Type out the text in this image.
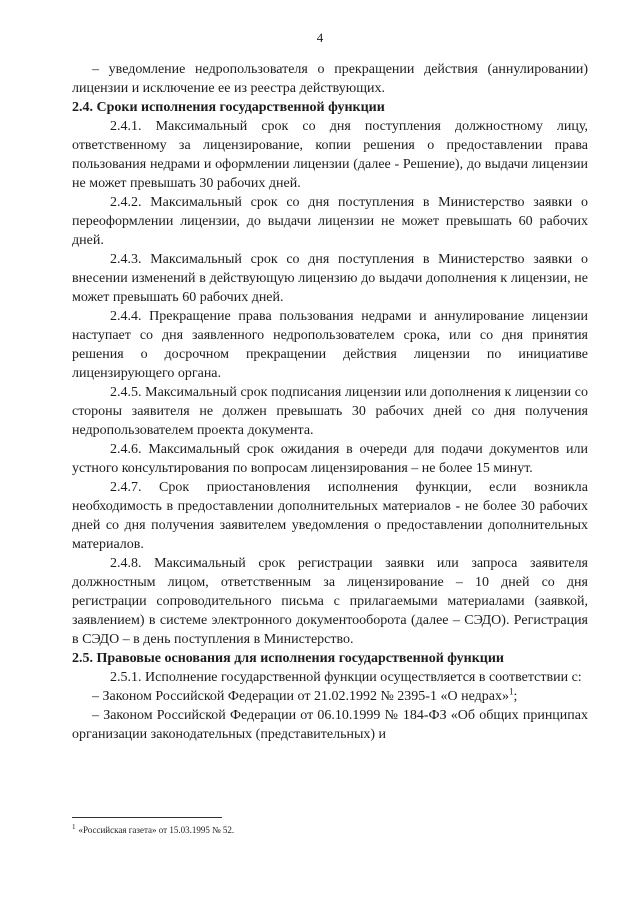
4

– уведомление недропользователя о прекращении действия (аннулировании) лицензии и исключение ее из реестра действующих.

2.4. Сроки исполнения государственной функции

2.4.1. Максимальный срок со дня поступления должностному лицу, ответственному за лицензирование, копии решения о предоставлении права пользования недрами и оформлении лицензии (далее - Решение), до выдачи лицензии не может превышать 30 рабочих дней.

2.4.2. Максимальный срок со дня поступления в Министерство заявки о переоформлении лицензии, до выдачи лицензии не может превышать 60 рабочих дней.

2.4.3. Максимальный срок со дня поступления в Министерство заявки о внесении изменений в действующую лицензию до выдачи дополнения к лицензии, не может превышать 60 рабочих дней.

2.4.4. Прекращение права пользования недрами и аннулирование лицензии наступает со дня заявленного недропользователем срока, или со дня принятия решения о досрочном прекращении действия лицензии по инициативе лицензирующего органа.

2.4.5. Максимальный срок подписания лицензии или дополнения к лицензии со стороны заявителя не должен превышать 30 рабочих дней со дня получения недропользователем проекта документа.

2.4.6. Максимальный срок ожидания в очереди для подачи документов или устного консультирования по вопросам лицензирования – не более 15 минут.

2.4.7. Срок приостановления исполнения функции, если возникла необходимость в предоставлении дополнительных материалов - не более 30 рабочих дней со дня получения заявителем уведомления о предоставлении дополнительных материалов.

2.4.8. Максимальный срок регистрации заявки или запроса заявителя должностным лицом, ответственным за лицензирование – 10 дней со дня регистрации сопроводительного письма с прилагаемыми материалами (заявкой, заявлением) в системе электронного документооборота (далее – СЭДО). Регистрация в СЭДО – в день поступления в Министерство.

2.5. Правовые основания для исполнения государственной функции

2.5.1. Исполнение государственной функции осуществляется в соответствии с:

– Законом Российской Федерации от 21.02.1992 № 2395-1 «О недрах»$^1$;

– Законом Российской Федерации от 06.10.1999 № 184-ФЗ «Об общих принципах организации законодательных (представительных) и

$^1$ «Российская газета» от 15.03.1995 № 52.
